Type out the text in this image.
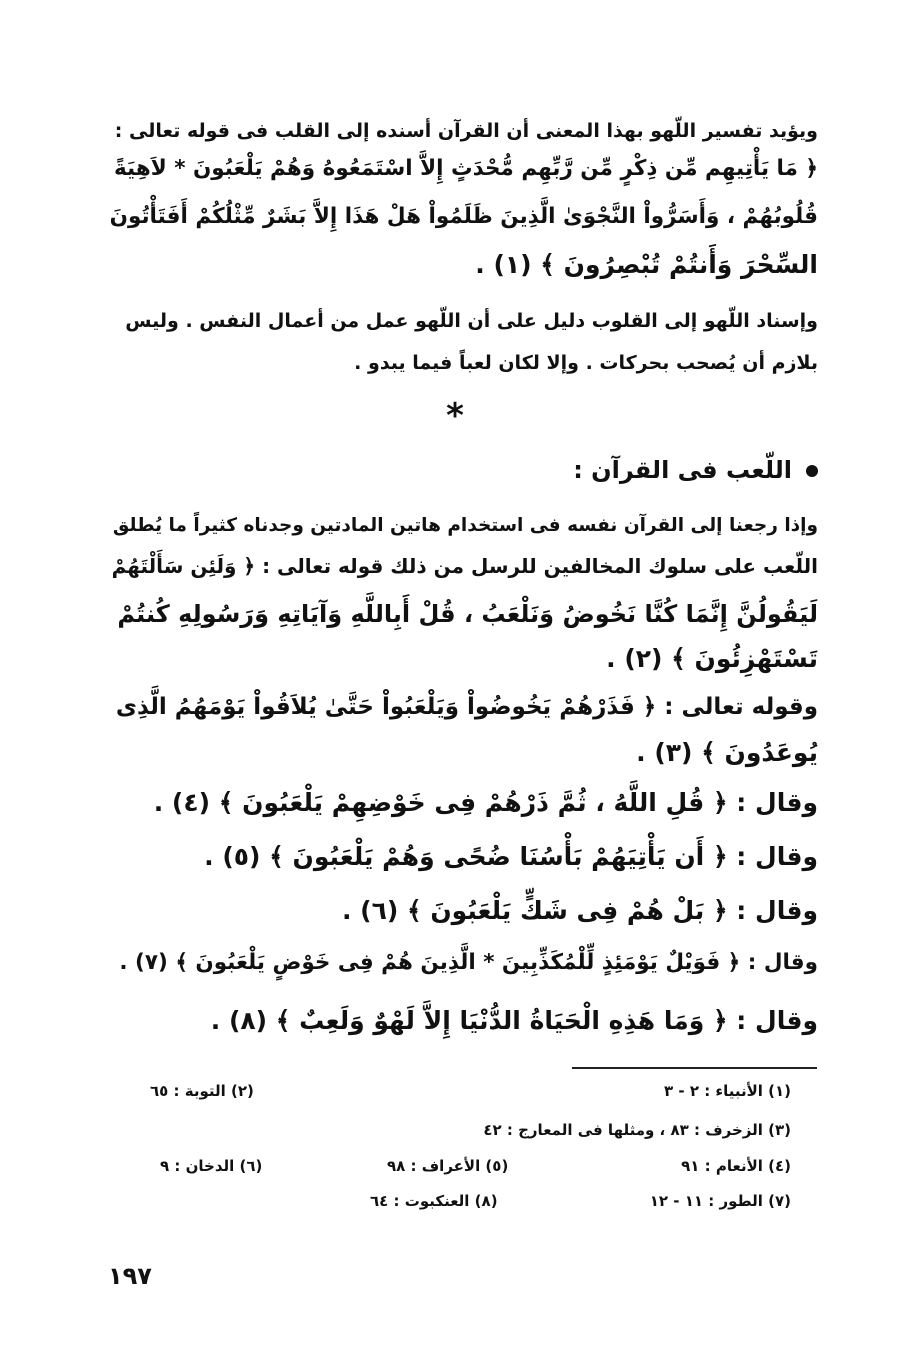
ويؤيد تفسير اللّهو بهذا المعنى أن القرآن أسنده إلى القلب فى قوله تعالى :
﴿ مَا يَأْتِيهِم مِّن ذِكْرٍ مِّن رَّبِّهِم مُّحْدَثٍ إِلاَّ اسْتَمَعُوهُ وَهُمْ يَلْعَبُونَ * لاَهِيَةً
قُلُوبُهُمْ ، وَأَسَرُّواْ النَّجْوَىٰ الَّذِينَ ظَلَمُواْ هَلْ هَذَا إِلاَّ بَشَرٌ مِّثْلُكُمْ أَفَتَأْتُونَ
السِّحْرَ وَأَنتُمْ تُبْصِرُونَ ﴾ (١) .
وإسناد اللّهو إلى القلوب دليل على أن اللّهو عمل من أعمال النفس . وليس
بلازم أن يُصحب بحركات . وإلا لكان لعباً فيما يبدو .
*
اللّعب فى القرآن :
وإذا رجعنا إلى القرآن نفسه فى استخدام هاتين المادتين وجدناه كثيراً ما يُطلق
اللّعب على سلوك المخالفين للرسل من ذلك قوله تعالى : ﴿ وَلَئِن سَأَلْتَهُمْ
لَيَقُولُنَّ إِنَّمَا كُنَّا نَخُوضُ وَنَلْعَبُ ، قُلْ أَبِاللَّهِ وَآيَاتِهِ وَرَسُولِهِ كُنتُمْ
تَسْتَهْزِئُونَ ﴾ (٢) .
وقوله تعالى : ﴿ فَذَرْهُمْ يَخُوضُواْ وَيَلْعَبُواْ حَتَّىٰ يُلاَقُواْ يَوْمَهُمُ الَّذِى
يُوعَدُونَ ﴾ (٣) .
وقال : ﴿ قُلِ اللَّهُ ، ثُمَّ ذَرْهُمْ فِى خَوْضِهِمْ يَلْعَبُونَ ﴾ (٤) .
وقال : ﴿ أَن يَأْتِيَهُمْ بَأْسُنَا ضُحًى وَهُمْ يَلْعَبُونَ ﴾ (٥) .
وقال : ﴿ بَلْ هُمْ فِى شَكٍّ يَلْعَبُونَ ﴾ (٦) .
وقال : ﴿ فَوَيْلٌ يَوْمَئِذٍ لِّلْمُكَذِّبِينَ * الَّذِينَ هُمْ فِى خَوْضٍ يَلْعَبُونَ ﴾ (٧) .
وقال : ﴿ وَمَا هَذِهِ الْحَيَاةُ الدُّنْيَا إِلاَّ لَهْوٌ وَلَعِبٌ ﴾ (٨) .
(١) الأنبياء : ٢ - ٣
(٢) التوبة : ٦٥
(٣) الزخرف : ٨٣ ، ومثلها فى المعارج : ٤٢
(٤) الأنعام : ٩١
(٥) الأعراف : ٩٨
(٦) الدخان : ٩
(٧) الطور : ١١ - ١٢
(٨) العنكبوت : ٦٤
١٩٧
